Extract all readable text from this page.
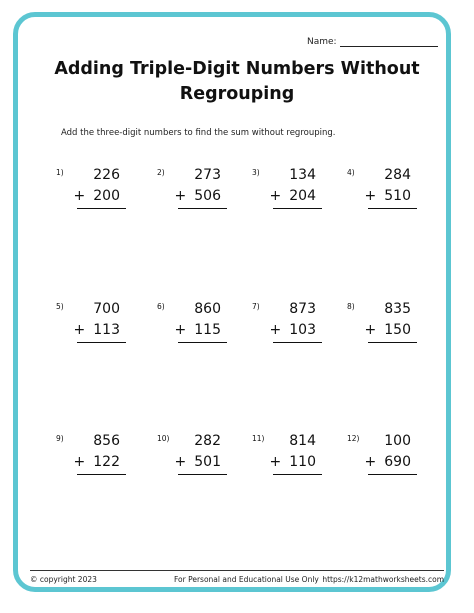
Name:
Adding Triple-Digit Numbers Without Regrouping
Add the three-digit numbers to find the sum without regrouping.
1) 226
+ 200
2) 273
+ 506
3) 134
+ 204
4) 284
+ 510
5) 700
+ 113
6) 860
+ 115
7) 873
+ 103
8) 835
+ 150
9) 856
+ 122
10) 282
+ 501
11) 814
+ 110
12) 100
+ 690
© copyright 2023	For Personal and Educational Use Only https://k12mathworksheets.com
